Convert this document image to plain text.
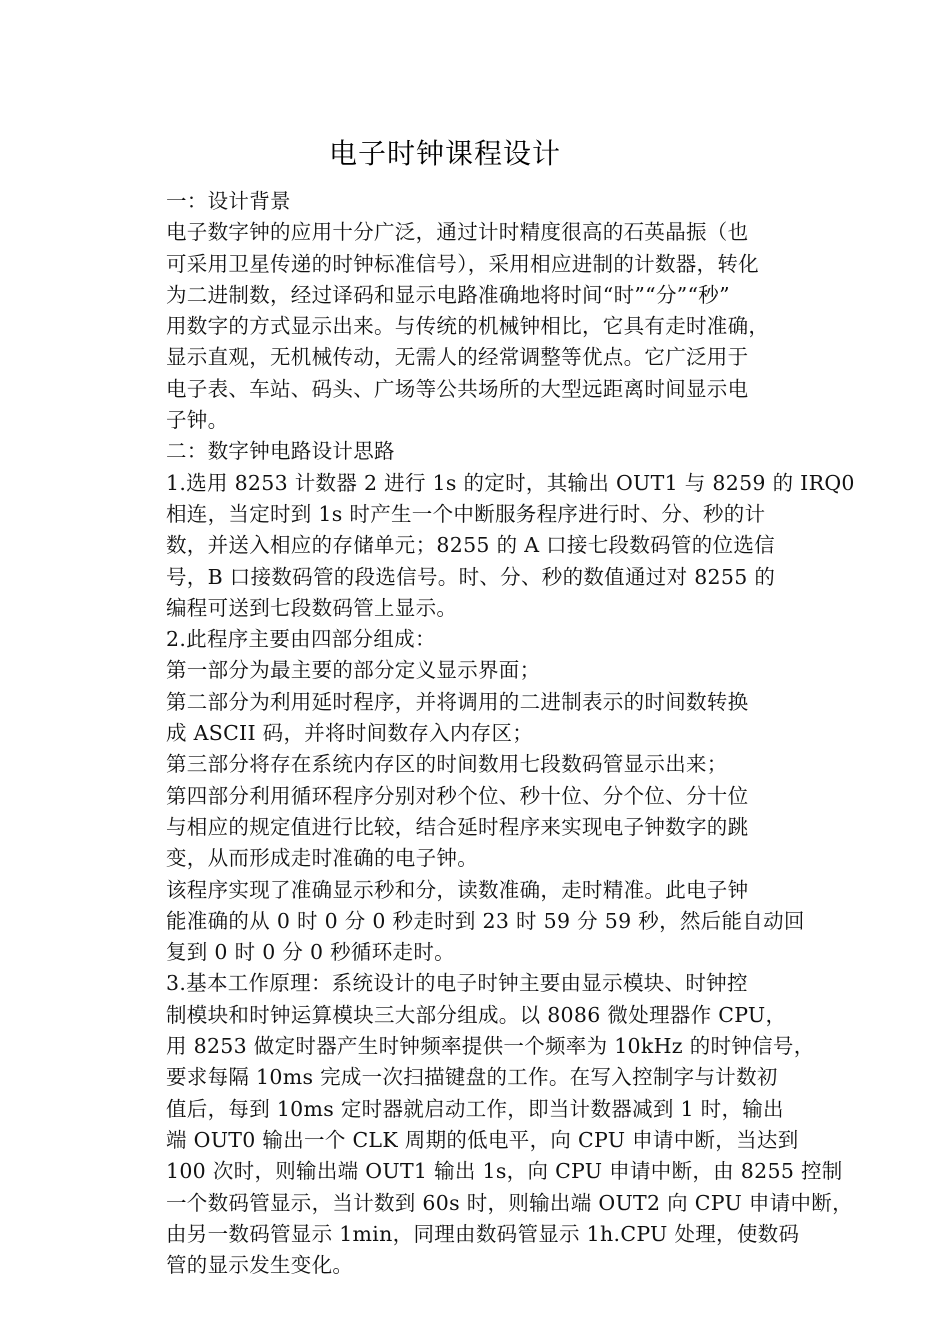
电子时钟课程设计
一：设计背景
电子数字钟的应用十分广泛，通过计时精度很高的石英晶振（也
可采用卫星传递的时钟标准信号），采用相应进制的计数器，转化
为二进制数，经过译码和显示电路准确地将时间“时”“分”“秒”
用数字的方式显示出来。与传统的机械钟相比，它具有走时准确，
显示直观，无机械传动，无需人的经常调整等优点。它广泛用于
电子表、车站、码头、广场等公共场所的大型远距离时间显示电
子钟。
二：数字钟电路设计思路
1.选用 8253 计数器 2 进行 1s 的定时，其输出 OUT1 与 8259 的 IRQ0
相连，当定时到 1s 时产生一个中断服务程序进行时、分、秒的计
数，并送入相应的存储单元；8255 的 A 口接七段数码管的位选信
号，B 口接数码管的段选信号。时、分、秒的数值通过对 8255 的
编程可送到七段数码管上显示。
2.此程序主要由四部分组成：
第一部分为最主要的部分定义显示界面；
第二部分为利用延时程序，并将调用的二进制表示的时间数转换
成 ASCII 码，并将时间数存入内存区；
第三部分将存在系统内存区的时间数用七段数码管显示出来；
第四部分利用循环程序分别对秒个位、秒十位、分个位、分十位
与相应的规定值进行比较，结合延时程序来实现电子钟数字的跳
变，从而形成走时准确的电子钟。
该程序实现了准确显示秒和分，读数准确，走时精准。此电子钟
能准确的从 0 时 0 分 0 秒走时到 23 时 59 分 59 秒，然后能自动回
复到 0 时 0 分 0 秒循环走时。
3.基本工作原理：系统设计的电子时钟主要由显示模块、时钟控
制模块和时钟运算模块三大部分组成。以 8086 微处理器作 CPU，
用 8253 做定时器产生时钟频率提供一个频率为 10kHz 的时钟信号，
要求每隔 10ms 完成一次扫描键盘的工作。在写入控制字与计数初
值后，每到 10ms 定时器就启动工作，即当计数器减到 1 时，输出
端 OUT0 输出一个 CLK 周期的低电平，向 CPU 申请中断，当达到
100 次时，则输出端 OUT1 输出 1s，向 CPU 申请中断，由 8255 控制
一个数码管显示，当计数到 60s 时，则输出端 OUT2 向 CPU 申请中断，
由另一数码管显示 1min，同理由数码管显示 1h.CPU 处理，使数码
管的显示发生变化。
